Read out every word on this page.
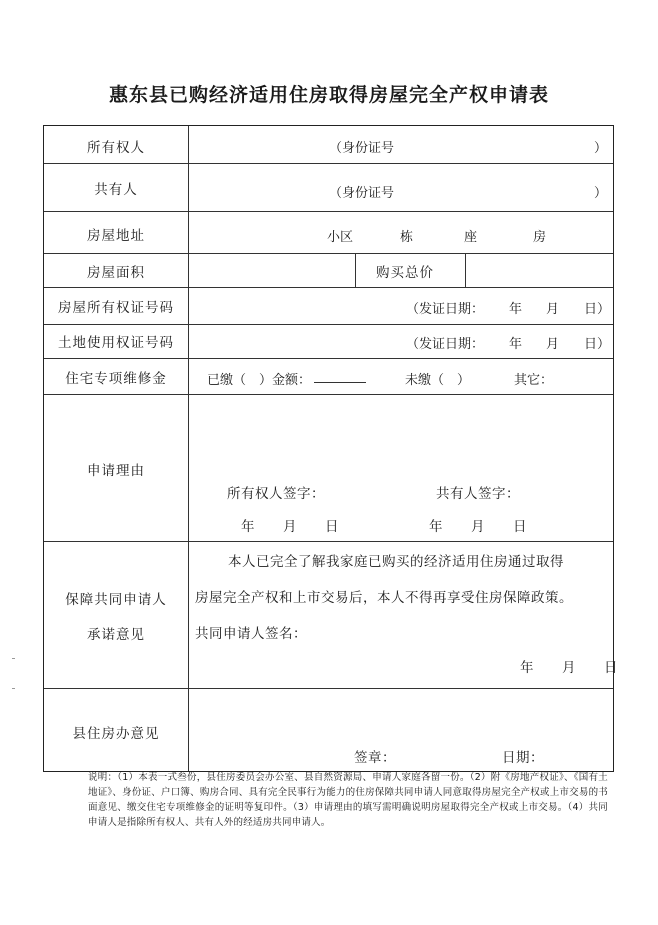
惠东县已购经济适用住房取得房屋完全产权申请表
所有权人	（身份证号	）
共有人	（身份证号	）
房屋地址	小区	栋	座	房
房屋面积	购买总价
房屋所有权证号码	（发证日期： 年 月 日）
土地使用权证号码	（发证日期： 年 月 日）
住宅专项维修金	已缴（　）金额：	未缴（　）	其它：
申请理由
所有权人签字：	共有人签字：
年　　月　　日	年　　月　　日
保障共同申请人
承诺意见
本人已完全了解我家庭已购买的经济适用住房通过取得
房屋完全产权和上市交易后，本人不得再享受住房保障政策。
共同申请人签名：
年　　月　　日
县住房办意见
签章：	日期：
说明：（1）本表一式叁份，县住房委员会办公室、县自然资源局、申请人家庭各留一份。（2）附《房地产权证》、《国有土地证》、身份证、户口簿、购房合同、具有完全民事行为能力的住房保障共同申请人同意取得房屋完全产权或上市交易的书面意见、缴交住宅专项维修金的证明等复印件。（3）申请理由的填写需明确说明房屋取得完全产权或上市交易。（4）共同申请人是指除所有权人、共有人外的经适房共同申请人。
